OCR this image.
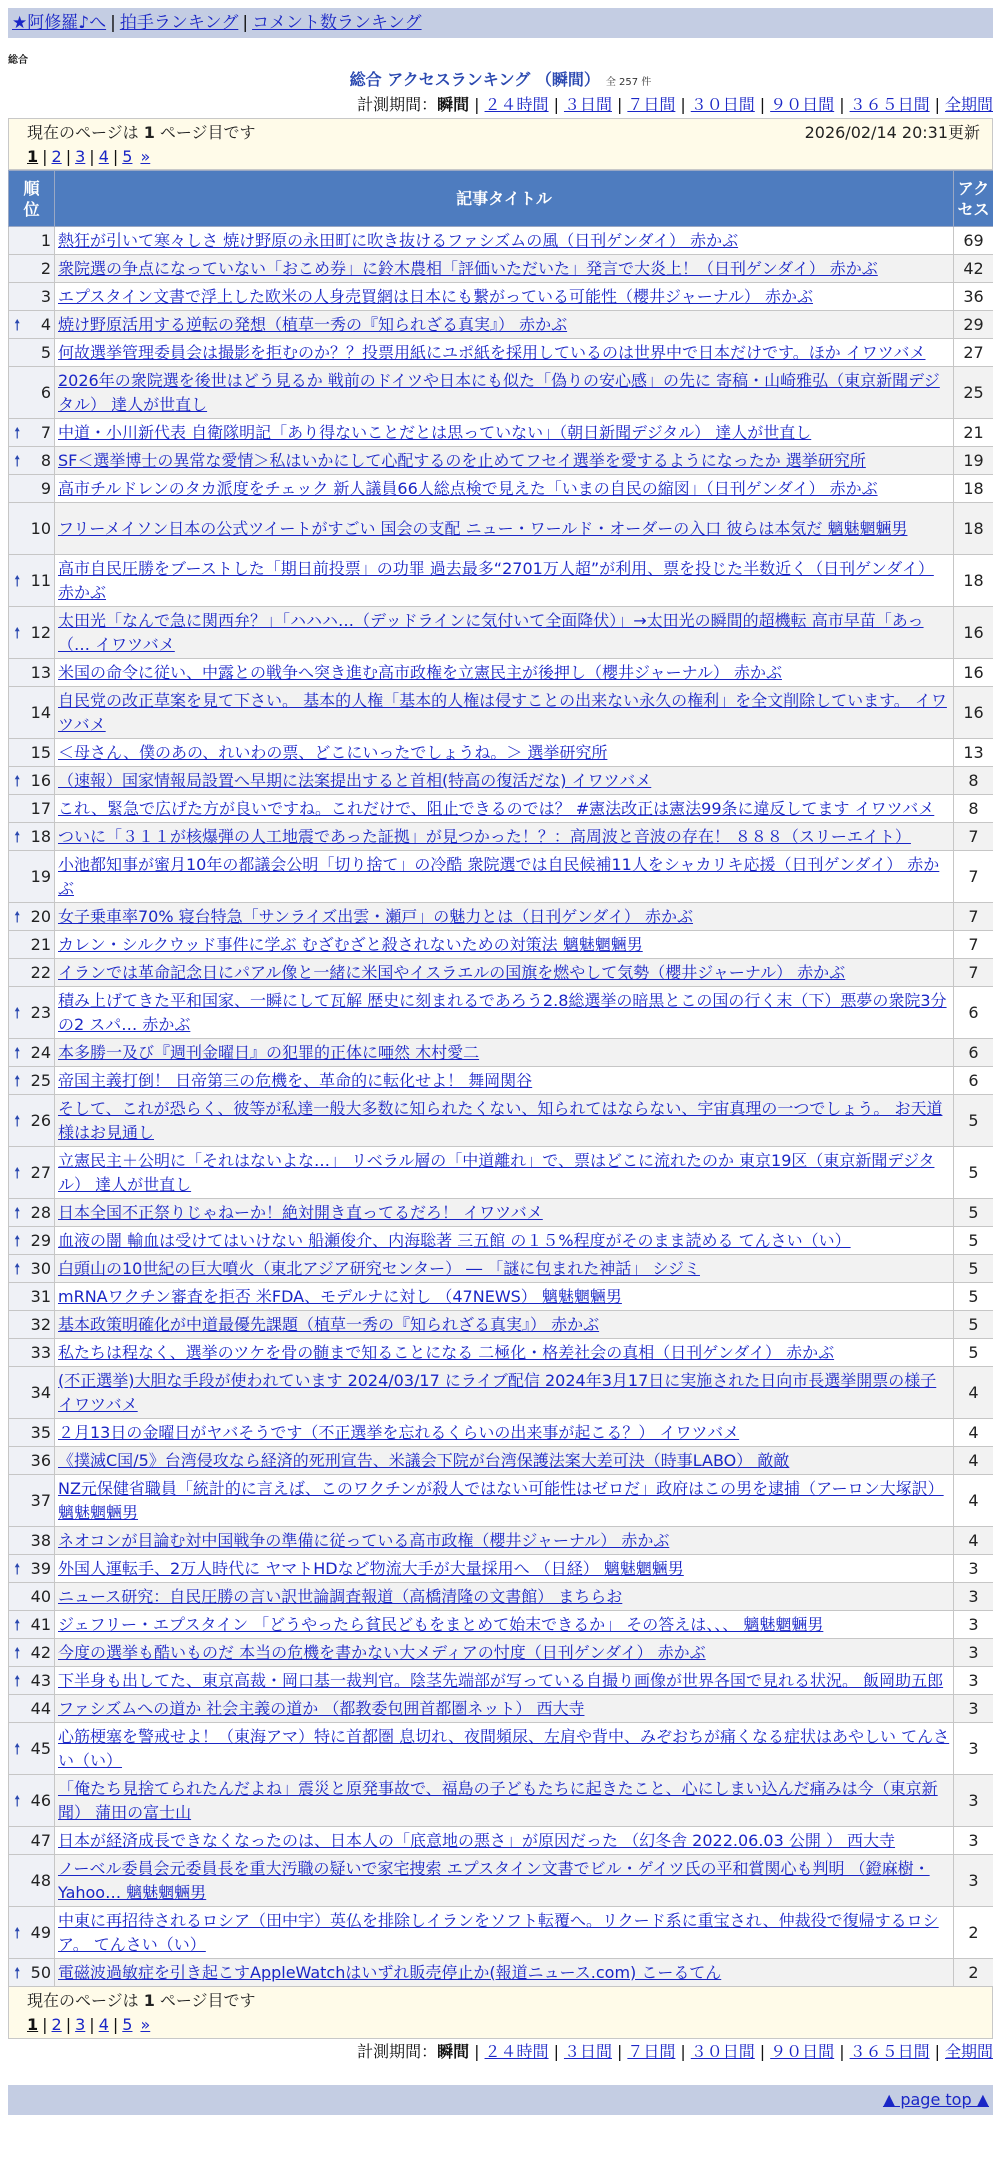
★阿修羅♪へ | 拍手ランキング | コメント数ランキング
総合
総合 アクセスランキング （瞬間） 全 257 件
計測期間：瞬間 | ２４時間 | ３日間 | ７日間 | ３０日間 | ９０日間 | ３６５日間 | 全期間
現在のページは 1 ページ目です	2026/02/14 20:31更新
1 | 2 | 3 | 4 | 5 »
順位	記事タイトル	アクセス
1	熱狂が引いて寒々しさ 焼け野原の永田町に吹き抜けるファシズムの風（日刊ゲンダイ） 赤かぶ	69
2	衆院選の争点になっていない「おこめ券」に鈴木農相「評価いただいた」発言で大炎上！（日刊ゲンダイ） 赤かぶ	42
3	エプスタイン文書で浮上した欧米の人身売買網は日本にも繋がっている可能性（櫻井ジャーナル） 赤かぶ	36

🠕 4	焼け野原活用する逆転の発想（植草一秀の『知られざる真実』） 赤かぶ	29
5	何故選挙管理委員会は撮影を拒むのか？？投票用紙にユポ紙を採用しているのは世界中で日本だけです。ほか イワツバメ	27
6	2026年の衆院選を後世はどう見るか 戦前のドイツや日本にも似た「偽りの安心感」の先に 寄稿・山崎雅弘（東京新聞デジタル） 達人が世直し	25

🠕 7	中道・小川新代表 自衛隊明記「あり得ないことだとは思っていない」（朝日新聞デジタル） 達人が世直し	21

🠕 8	SF＜選挙博士の異常な愛情＞私はいかにして心配するのを止めてフセイ選挙を愛するようになったか 選挙研究所	19
9	高市チルドレンのタカ派度をチェック 新人議員66人総点検で見えた「いまの自民の縮図」（日刊ゲンダイ） 赤かぶ	18
10	フリーメイソン日本の公式ツイートがすごい 国会の支配 ニュー・ワールド・オーダーの入口 彼らは本気だ 魑魅魍魎男	18

🠕 11	高市自民圧勝をブーストした「期日前投票」の功罪 過去最多“2701万人超”が利用、票を投じた半数近く（日刊ゲンダイ） 赤かぶ	18

🠕 12	太田光「なんで急に関西弁？」「ハハハ…（デッドラインに気付いて全面降伏）」→太田光の瞬間的超機転 高市早苗「あっ（… イワツバメ	16
13	米国の命令に従い、中露との戦争へ突き進む高市政権を立憲民主が後押し（櫻井ジャーナル） 赤かぶ	16
14	自民党の改正草案を見て下さい。 基本的人権「基本的人権は侵すことの出来ない永久の権利」を全文削除しています。 イワツバメ	16
15	＜母さん、僕のあの、れいわの票、どこにいったでしょうね。＞ 選挙研究所	13

🠕 16	（速報）国家情報局設置へ早期に法案提出すると首相(特高の復活だな) イワツバメ	8
17	これ、緊急で広げた方が良いですね。これだけで、阻止できるのでは？ #憲法改正は憲法99条に違反してます イワツバメ	8

🠕 18	ついに「３１１が核爆弾の人工地震であった証拠」が見つかった！？：高周波と音波の存在！ ８８８（スリーエイト）	7
19	小池都知事が蜜月10年の都議会公明「切り捨て」の冷酷 衆院選では自民候補11人をシャカリキ応援（日刊ゲンダイ） 赤かぶ	7

🠕 20	女子乗車率70% 寝台特急「サンライズ出雲・瀬戸」の魅力とは（日刊ゲンダイ） 赤かぶ	7
21	カレン・シルクウッド事件に学ぶ むざむざと殺されないための対策法 魑魅魍魎男	7
22	イランでは革命記念日にパアル像と一緒に米国やイスラエルの国旗を燃やして気勢（櫻井ジャーナル） 赤かぶ	7

🠕 23	積み上げてきた平和国家、一瞬にして瓦解 歴史に刻まれるであろう2.8総選挙の暗黒とこの国の行く末（下）悪夢の衆院3分の2 スパ… 赤かぶ	6

🠕 24	本多勝一及び『週刊金曜日』の犯罪的正体に唖然 木村愛二	6

🠕 25	帝国主義打倒！ 日帝第三の危機を、革命的に転化せよ！ 舞岡関谷	6

🠕 26	そして、これが恐らく、彼等が私達一般大多数に知られたくない、知られてはならない、宇宙真理の一つでしょう。 お天道様はお見通し	5

🠕 27	立憲民主＋公明に「それはないよな…」 リベラル層の「中道離れ」で、票はどこに流れたのか 東京19区（東京新聞デジタル） 達人が世直し	5

🠕 28	日本全国不正祭りじゃねーか！絶対開き直ってるだろ！ イワツバメ	5

🠕 29	血液の闇 輸血は受けてはいけない 船瀬俊介、内海聡著 三五館 の１５%程度がそのまま読める てんさい（い）	5

🠕 30	白頭山の10世紀の巨大噴火（東北アジア研究センター） ― 「謎に包まれた神話」 シジミ	5
31	mRNAワクチン審査を拒否 米FDA、モデルナに対し （47NEWS） 魑魅魍魎男	5
32	基本政策明確化が中道最優先課題（植草一秀の『知られざる真実』） 赤かぶ	5
33	私たちは程なく、選挙のツケを骨の髄まで知ることになる 二極化・格差社会の真相（日刊ゲンダイ） 赤かぶ	5
34	(不正選挙)大胆な手段が使われています 2024/03/17 にライブ配信 2024年3月17日に実施された日向市長選挙開票の様子 イワツバメ	4
35	２月13日の金曜日がヤバそうです（不正選挙を忘れるくらいの出来事が起こる？） イワツバメ	4
36	《撲滅C国/5》台湾侵攻なら経済的死刑宣告、米議会下院が台湾保護法案大差可決（時事LABO） 敵敵	4
37	NZ元保健省職員「統計的に言えば、このワクチンが殺人ではない可能性はゼロだ」政府はこの男を逮捕（アーロン大塚訳） 魑魅魍魎男	4
38	ネオコンが目論む対中国戦争の準備に従っている高市政権（櫻井ジャーナル） 赤かぶ	4

🠕 39	外国人運転手、2万人時代に ヤマトHDなど物流大手が大量採用へ （日経） 魑魅魍魎男	3
40	ニュース研究：自民圧勝の言い訳世論調査報道（高橋清隆の文書館） まちらお	3

🠕 41	ジェフリー・エプスタイン 「どうやったら貧民どもをまとめて始末できるか」 その答えは、、、 魑魅魍魎男	3

🠕 42	今度の選挙も酷いものだ 本当の危機を書かない大メディアの忖度（日刊ゲンダイ） 赤かぶ	3

🠕 43	下半身も出してた、東京高裁・岡口基一裁判官。陰茎先端部が写っている自撮り画像が世界各国で見れる状況。 飯岡助五郎	3
44	ファシズムへの道か 社会主義の道か （都教委包囲首都圏ネット） 西大寺	3

🠕 45	心筋梗塞を警戒せよ！（東海アマ）特に首都圏 息切れ、夜間頻尿、左肩や背中、みぞおちが痛くなる症状はあやしい てんさい（い）	3

🠕 46	「俺たち見捨てられたんだよね」震災と原発事故で、福島の子どもたちに起きたこと、心にしまい込んだ痛みは今（東京新聞） 蒲田の富士山	3
47	日本が経済成長できなくなったのは、日本人の「底意地の悪さ」が原因だった （幻冬舎 2022.06.03 公開 ） 西大寺	3
48	ノーベル委員会元委員長を重大汚職の疑いで家宅捜索 エプスタイン文書でビル・ゲイツ氏の平和賞関心も判明 （鐙麻樹・Yahoo… 魑魅魍魎男	3

🠕 49	中東に再招待されるロシア（田中宇）英仏を排除しイランをソフト転覆へ。リクード系に重宝され、仲裁役で復帰するロシア。 てんさい（い）	2

🠕 50	電磁波過敏症を引き起こすAppleWatchはいずれ販売停止か(報道ニュース.com) こーるてん	2
現在のページは 1 ページ目です
1 | 2 | 3 | 4 | 5 »
計測期間：瞬間 | ２４時間 | ３日間 | ７日間 | ３０日間 | ９０日間 | ３６５日間 | 全期間
▲ page top ▲
